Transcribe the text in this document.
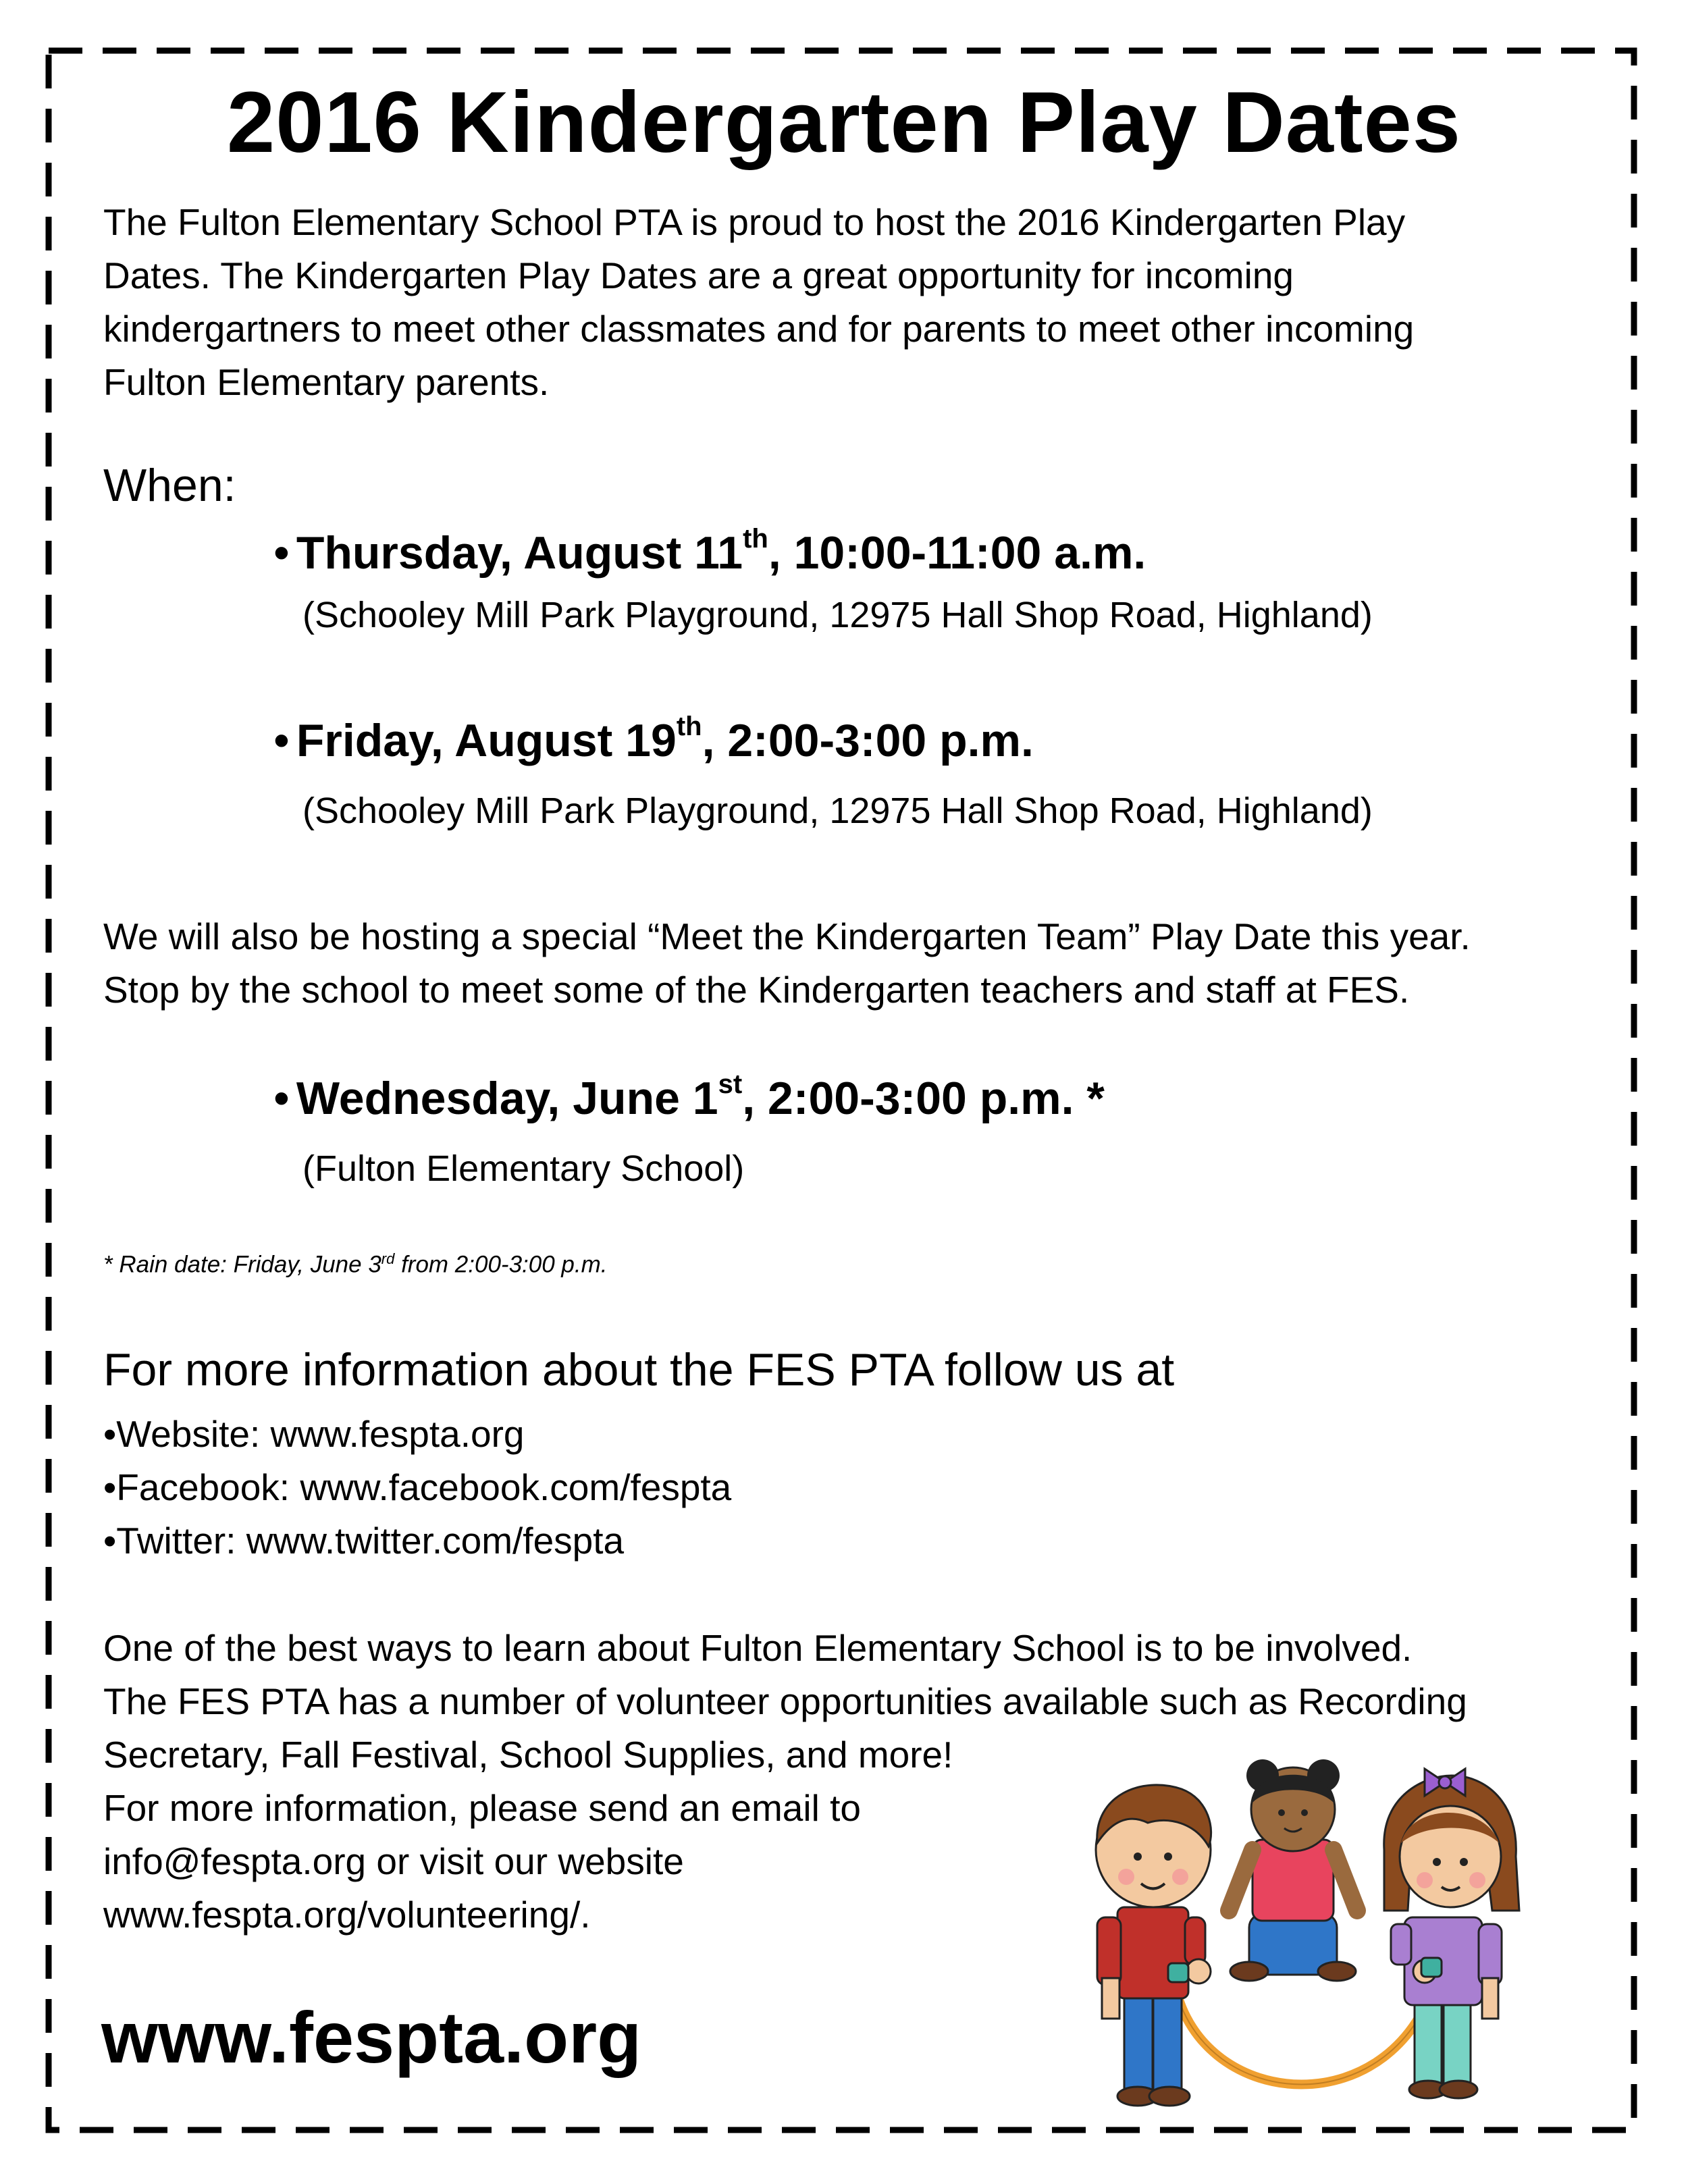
2016 Kindergarten Play Dates
The Fulton Elementary School PTA is proud to host the 2016 Kindergarten Play
Dates. The Kindergarten Play Dates are a great opportunity for incoming
kindergartners to meet other classmates and for parents to meet other incoming
Fulton Elementary parents.
When:
• Thursday, August 11th, 10:00-11:00 a.m.
(Schooley Mill Park Playground, 12975 Hall Shop Road, Highland)
• Friday, August 19th, 2:00-3:00 p.m.
(Schooley Mill Park Playground, 12975 Hall Shop Road, Highland)
We will also be hosting a special “Meet the Kindergarten Team” Play Date this year.
Stop by the school to meet some of the Kindergarten teachers and staff at FES.
• Wednesday, June 1st, 2:00-3:00 p.m. *
(Fulton Elementary School)
* Rain date: Friday, June 3rd from 2:00-3:00 p.m.
For more information about the FES PTA follow us at
•Website: www.fespta.org
•Facebook: www.facebook.com/fespta
•Twitter: www.twitter.com/fespta
One of the best ways to learn about Fulton Elementary School is to be involved.
The FES PTA has a number of volunteer opportunities available such as Recording
Secretary, Fall Festival, School Supplies, and more!
For more information, please send an email to
info@fespta.org or visit our website
www.fespta.org/volunteering/.
www.fespta.org
